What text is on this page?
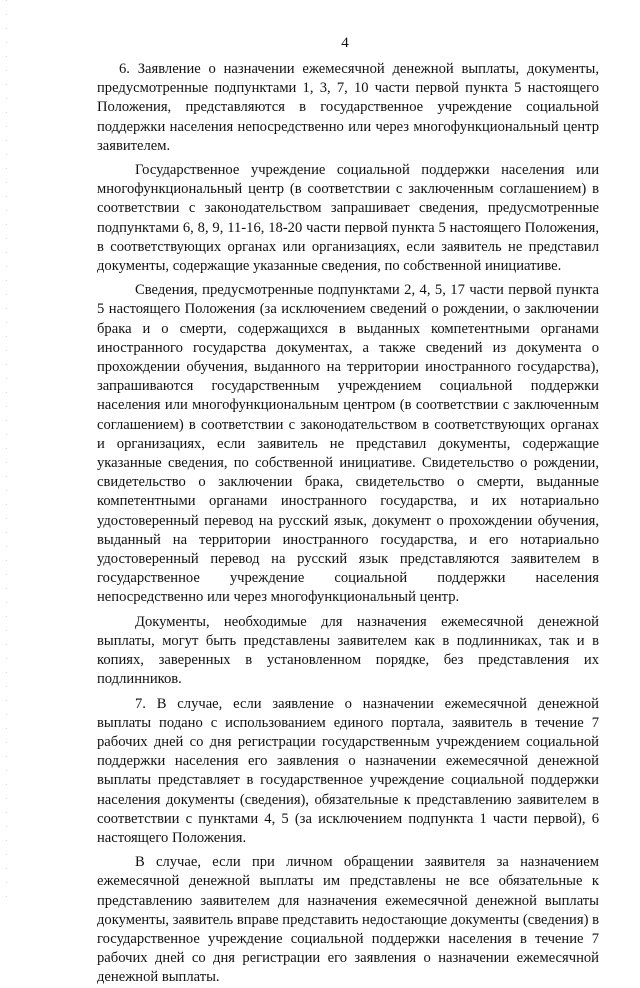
4

6. Заявление о назначении ежемесячной денежной выплаты, документы, предусмотренные подпунктами 1, 3, 7, 10 части первой пункта 5 настоящего Положения, представляются в государственное учреждение социальной поддержки населения непосредственно или через многофункциональный центр заявителем.

Государственное учреждение социальной поддержки населения или многофункциональный центр (в соответствии с заключенным соглашением) в соответствии с законодательством запрашивает сведения, предусмотренные подпунктами 6, 8, 9, 11-16, 18-20 части первой пункта 5 настоящего Положения, в соответствующих органах или организациях, если заявитель не представил документы, содержащие указанные сведения, по собственной инициативе.

Сведения, предусмотренные подпунктами 2, 4, 5, 17 части первой пункта 5 настоящего Положения (за исключением сведений о рождении, о заключении брака и о смерти, содержащихся в выданных компетентными органами иностранного государства документах, а также сведений из документа о прохождении обучения, выданного на территории иностранного государства), запрашиваются государственным учреждением социальной поддержки населения или многофункциональным центром (в соответствии с заключенным соглашением) в соответствии с законодательством в соответствующих органах и организациях, если заявитель не представил документы, содержащие указанные сведения, по собственной инициативе. Свидетельство о рождении, свидетельство о заключении брака, свидетельство о смерти, выданные компетентными органами иностранного государства, и их нотариально удостоверенный перевод на русский язык, документ о прохождении обучения, выданный на территории иностранного государства, и его нотариально удостоверенный перевод на русский язык представляются заявителем в государственное учреждение социальной поддержки населения непосредственно или через многофункциональный центр.

Документы, необходимые для назначения ежемесячной денежной выплаты, могут быть представлены заявителем как в подлинниках, так и в копиях, заверенных в установленном порядке, без представления их подлинников.

7. В случае, если заявление о назначении ежемесячной денежной выплаты подано с использованием единого портала, заявитель в течение 7 рабочих дней со дня регистрации государственным учреждением социальной поддержки населения его заявления о назначении ежемесячной денежной выплаты представляет в государственное учреждение социальной поддержки населения документы (сведения), обязательные к представлению заявителем в соответствии с пунктами 4, 5 (за исключением подпункта 1 части первой), 6 настоящего Положения.

В случае, если при личном обращении заявителя за назначением ежемесячной денежной выплаты им представлены не все обязательные к представлению заявителем для назначения ежемесячной денежной выплаты документы, заявитель вправе представить недостающие документы (сведения) в государственное учреждение социальной поддержки населения в течение 7 рабочих дней со дня регистрации его заявления о назначении ежемесячной денежной выплаты.
